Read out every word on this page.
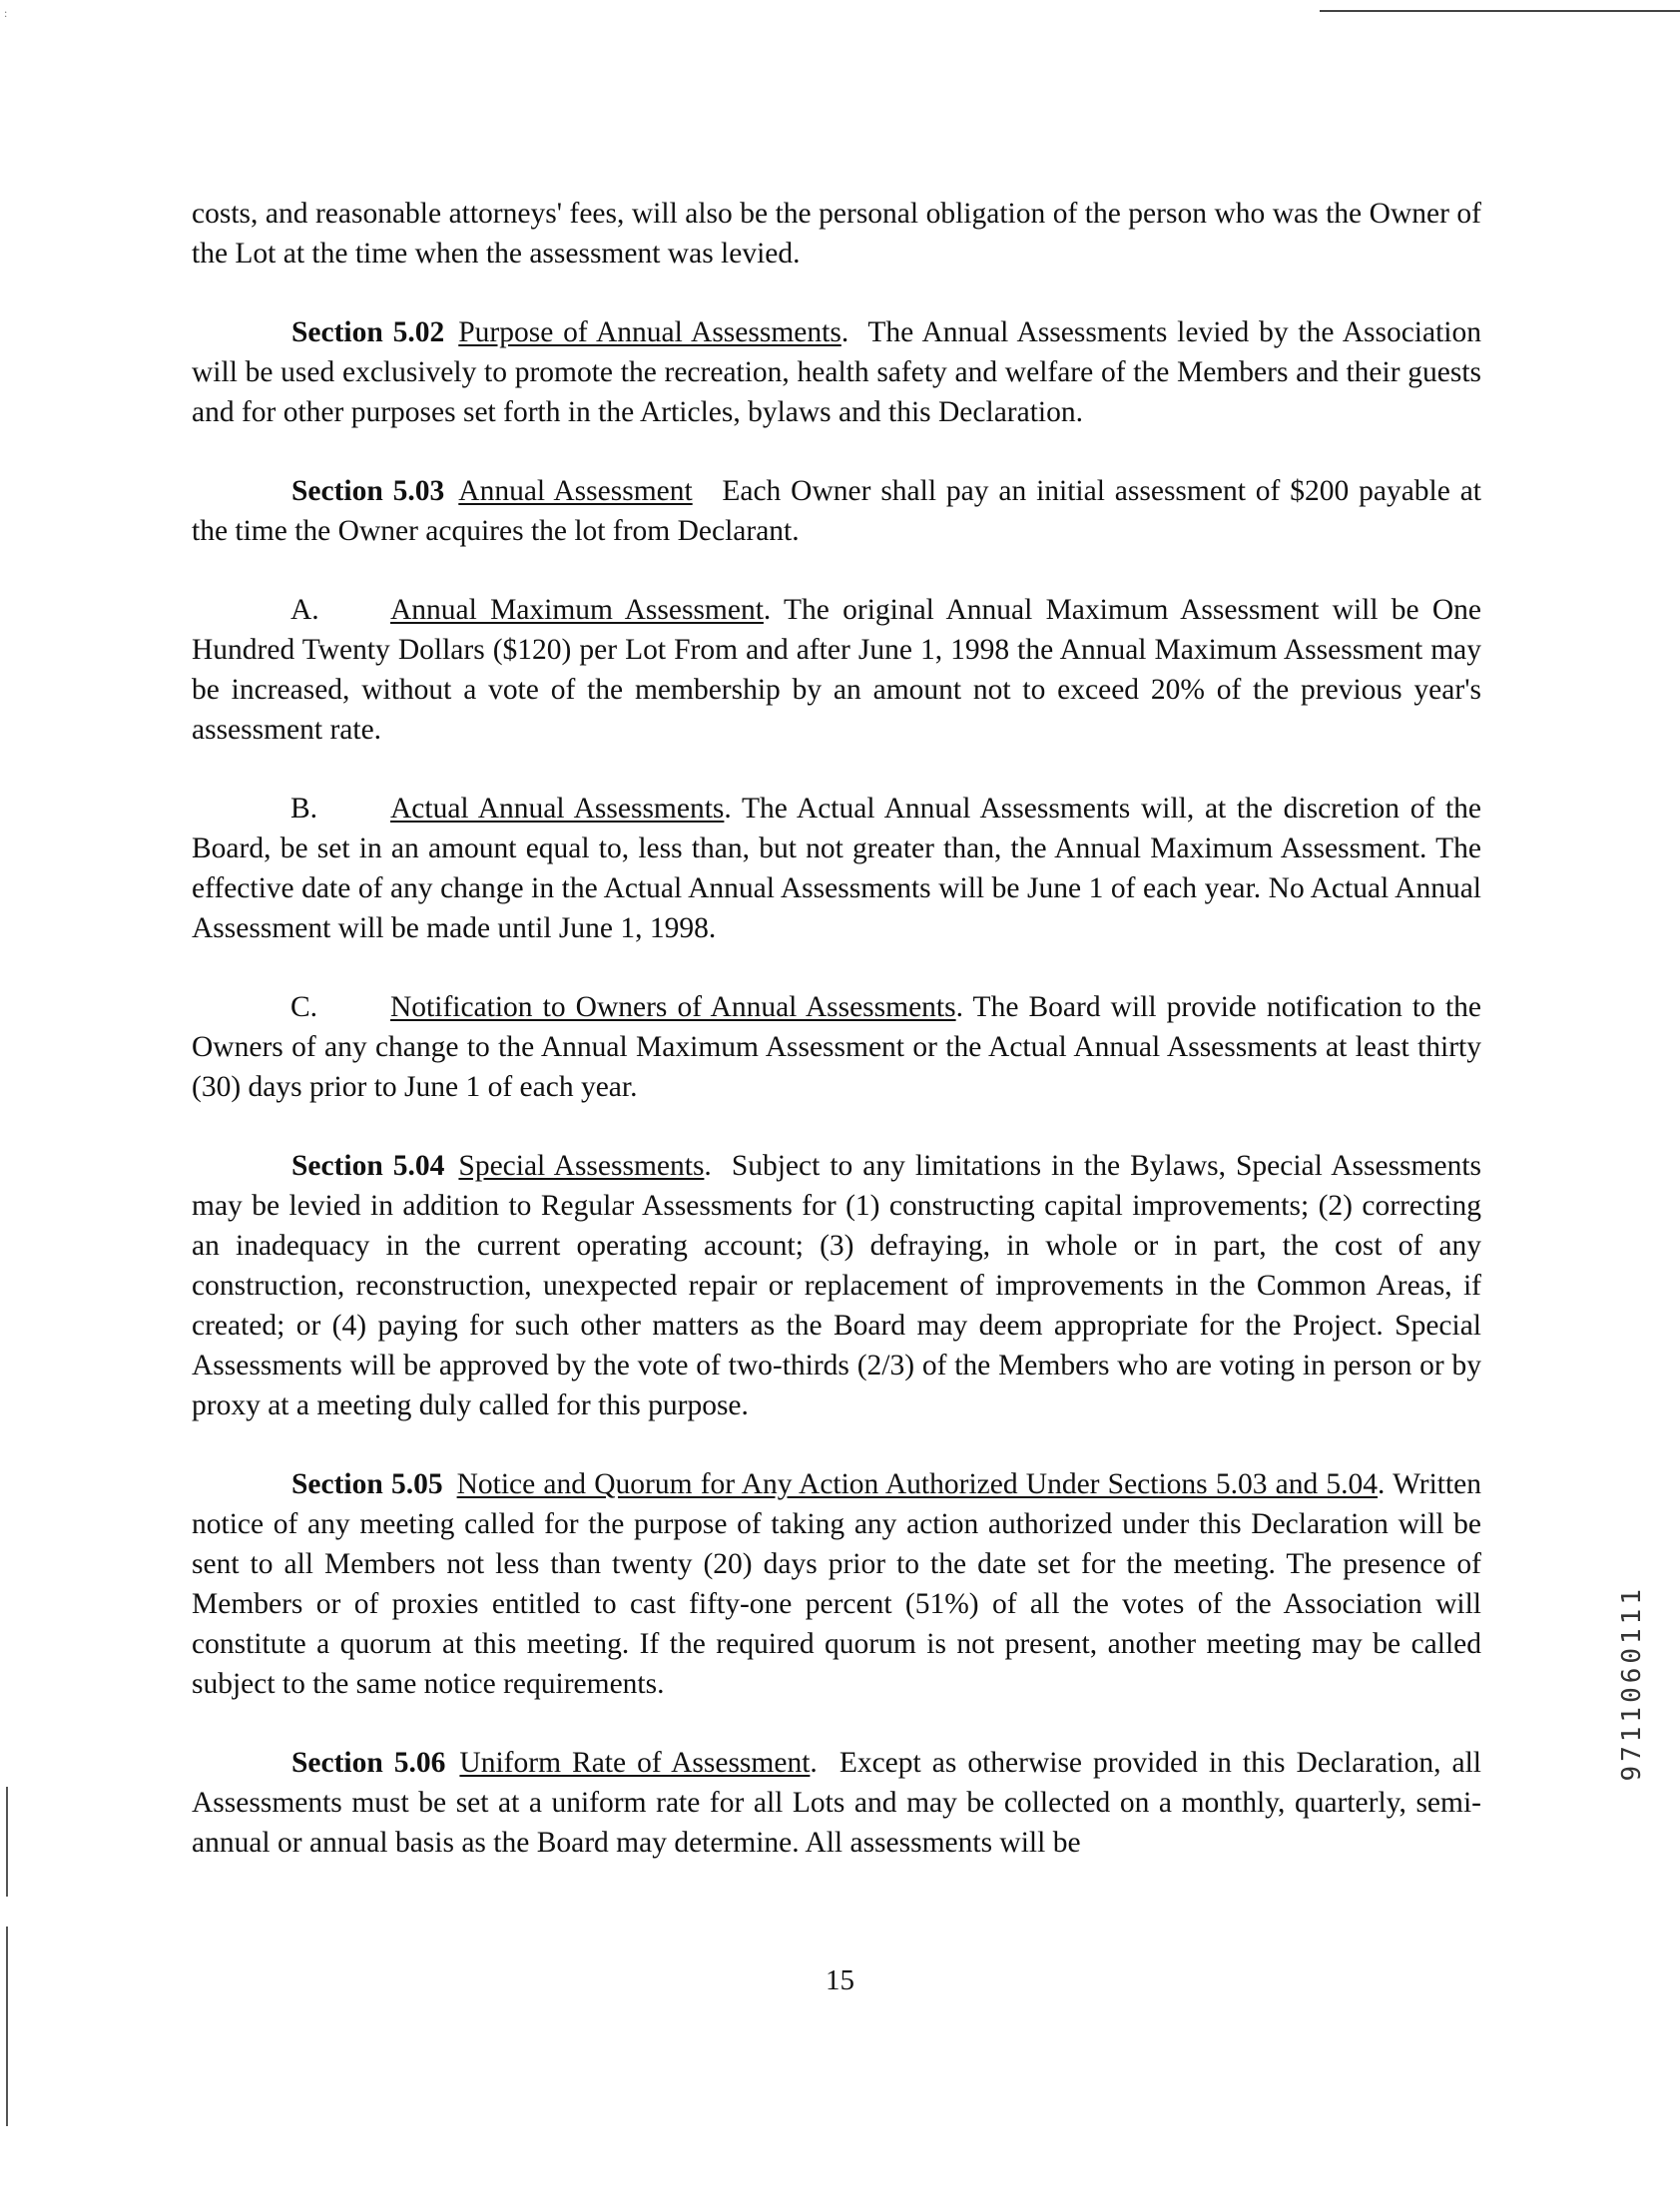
:

costs, and reasonable attorneys' fees, will also be the personal obligation of the person who was the Owner of the Lot at the time when the assessment was levied.

Section 5.02 Purpose of Annual Assessments.  The Annual Assessments levied by the Association will be used exclusively to promote the recreation, health safety and welfare of the Members and their guests and for other purposes set forth in the Articles, bylaws and this Declaration.

Section 5.03 Annual Assessment Each Owner shall pay an initial assessment of $200 payable at the time the Owner acquires the lot from Declarant.

A. Annual Maximum Assessment. The original Annual Maximum Assessment will be One Hundred Twenty Dollars ($120) per Lot From and after June 1, 1998 the Annual Maximum Assessment may be increased, without a vote of the membership by an amount not to exceed 20% of the previous year's assessment rate.

B. Actual Annual Assessments. The Actual Annual Assessments will, at the discretion of the Board, be set in an amount equal to, less than, but not greater than, the Annual Maximum Assessment. The effective date of any change in the Actual Annual Assessments will be June 1 of each year. No Actual Annual Assessment will be made until June 1, 1998.

C. Notification to Owners of Annual Assessments. The Board will provide notification to the Owners of any change to the Annual Maximum Assessment or the Actual Annual Assessments at least thirty (30) days prior to June 1 of each year.

Section 5.04 Special Assessments.  Subject to any limitations in the Bylaws, Special Assessments may be levied in addition to Regular Assessments for (1) constructing capital improvements; (2) correcting an inadequacy in the current operating account; (3) defraying, in whole or in part, the cost of any construction, reconstruction, unexpected repair or replacement of improvements in the Common Areas, if created; or (4) paying for such other matters as the Board may deem appropriate for the Project. Special Assessments will be approved by the vote of two-thirds (2/3) of the Members who are voting in person or by proxy at a meeting duly called for this purpose.

Section 5.05 Notice and Quorum for Any Action Authorized Under Sections 5.03 and 5.04. Written notice of any meeting called for the purpose of taking any action authorized under this Declaration will be sent to all Members not less than twenty (20) days prior to the date set for the meeting. The presence of Members or of proxies entitled to cast fifty-one percent (51%) of all the votes of the Association will constitute a quorum at this meeting. If the required quorum is not present, another meeting may be called subject to the same notice requirements.

Section 5.06 Uniform Rate of Assessment.  Except as otherwise provided in this Declaration, all Assessments must be set at a uniform rate for all Lots and may be collected on a monthly, quarterly, semi-annual or annual basis as the Board may determine. All assessments will be

15
9711060111
